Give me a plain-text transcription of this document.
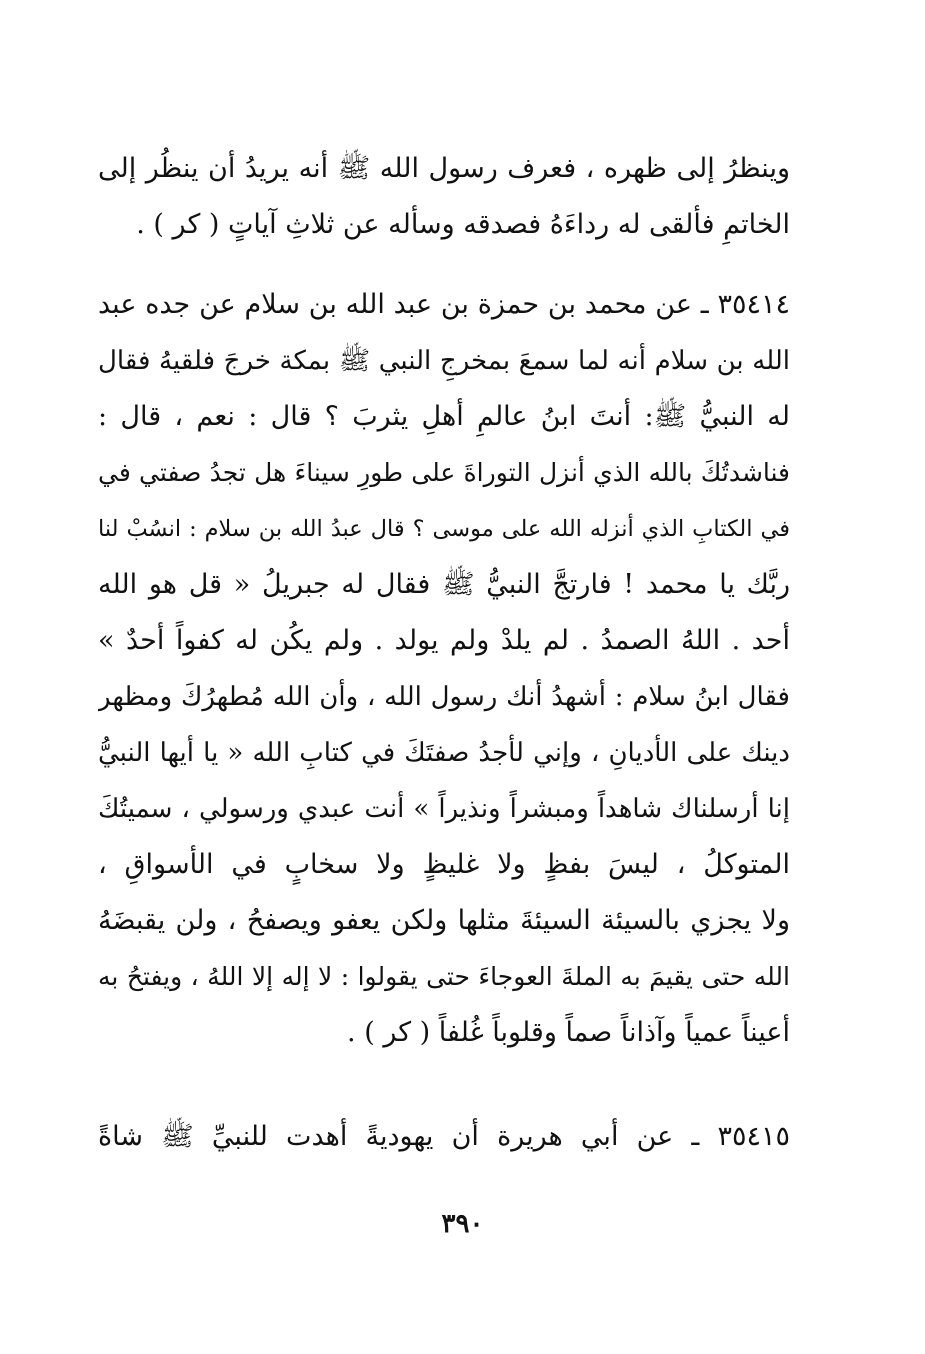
وينظرُ إلى ظهره ، فعرف رسول الله ﷺ أنه يريدُ أن ينظُر إلى
الخاتمِ فألقى له رداءَهُ فصدقه وسأله عن ثلاثِ آياتٍ ( كر ) .
٣٥٤١٤ ـ عن محمد بن حمزة بن عبد الله بن سلام عن جده عبد
الله بن سلام أنه لما سمعَ بمخرجِ النبي ﷺ بمكة خرجَ فلقيهُ فقال
له النبيُّ ﷺ: أنتَ ابنُ عالمِ أهلِ يثربَ ؟ قال : نعم ، قال :
فناشدتُكَ بالله الذي أنزل التوراةَ على طورِ سيناءَ هل تجدُ صفتي في
في الكتابِ الذي أنزله الله على موسى ؟ قال عبدُ الله بن سلام : انسُبْ لنا
ربَّك يا محمد ! فارتجَّ النبيُّ ﷺ فقال له جبريلُ « قل هو الله
أحد . اللهُ الصمدُ . لم يلدْ ولم يولد . ولم يكُن له كفواً أحدٌ »
فقال ابنُ سلام : أشهدُ أنك رسول الله ، وأن الله مُطهرُكَ ومظهر
دينك على الأديانِ ، وإني لأجدُ صفتَكَ في كتابِ الله « يا أيها النبيُّ
إنا أرسلناك شاهداً ومبشراً ونذيراً » أنت عبدي ورسولي ، سميتُكَ
المتوكلُ ، ليسَ بفظٍ ولا غليظٍ ولا سخابٍ في الأسواقِ ،
ولا يجزي بالسيئة السيئةَ مثلها ولكن يعفو ويصفحُ ، ولن يقبضَهُ
الله حتى يقيمَ به الملةَ العوجاءَ حتى يقولوا : لا إله إلا اللهُ ، ويفتحُ به
أعيناً عمياً وآذاناً صماً وقلوباً غُلفاً ( كر ) .
٣٥٤١٥ ـ عن أبي هريرة أن يهوديةً أهدت للنبيِّ ﷺ شاةً
٣٩٠
